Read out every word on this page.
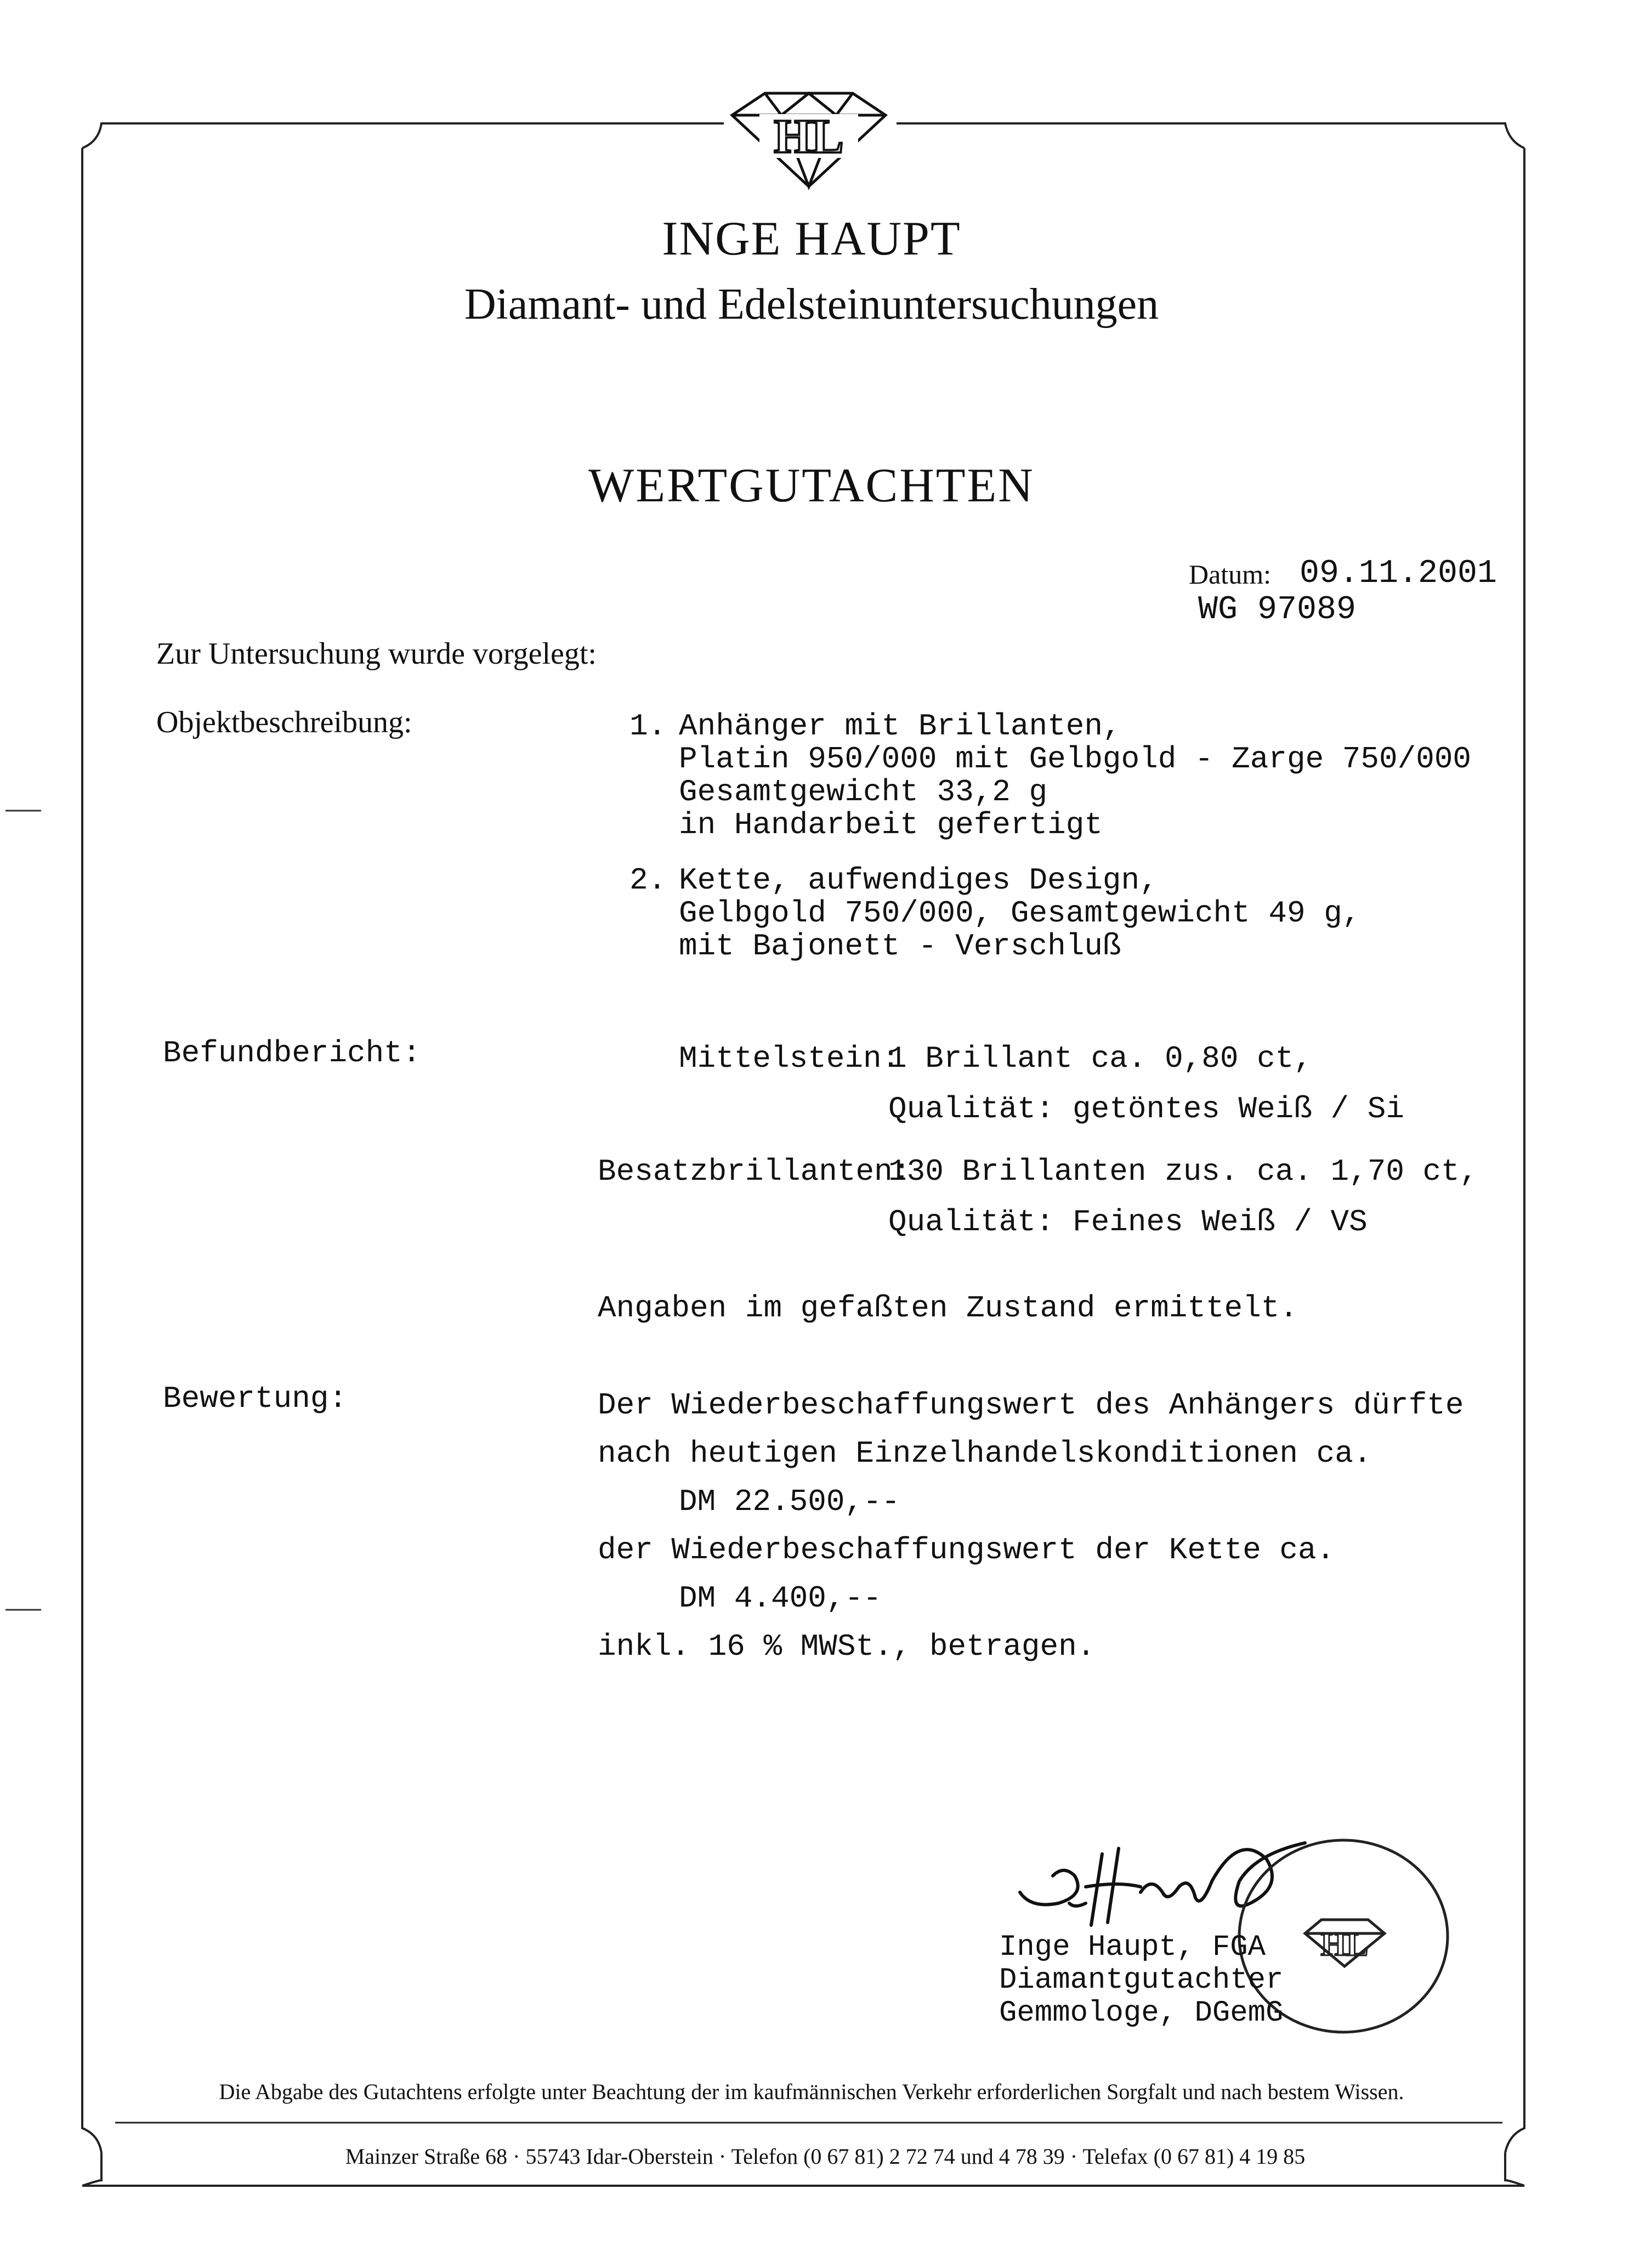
HL
INGE HAUPT
Diamant- und Edelsteinuntersuchungen
WERTGUTACHTEN
Datum: 09.11.2001
WG 97089
Zur Untersuchung wurde vorgelegt:
Objektbeschreibung:	1. Anhänger mit Brillanten,
Platin 950/000 mit Gelbgold - Zarge 750/000
Gesamtgewicht 33,2 g
in Handarbeit gefertigt
2. Kette, aufwendiges Design,
Gelbgold 750/000, Gesamtgewicht 49 g,
mit Bajonett - Verschluß
Befundbericht:	Mittelstein:
1 Brillant ca. 0,80 ct,
Qualität: getöntes Weiß / Si
Besatzbrillanten:
130 Brillanten zus. ca. 1,70 ct,
Qualität: Feines Weiß / VS
Angaben im gefaßten Zustand ermittelt.
Bewertung:	Der Wiederbeschaffungswert des Anhängers dürfte
nach heutigen Einzelhandelskonditionen ca.
DM 22.500,--
der Wiederbeschaffungswert der Kette ca.
DM 4.400,--
inkl. 16 % MWSt., betragen.
HL
Inge Haupt, FGA
Diamantgutachter
Gemmologe, DGemG
Die Abgabe des Gutachtens erfolgte unter Beachtung der im kaufmännischen Verkehr erforderlichen Sorgfalt und nach bestem Wissen.
Mainzer Straße 68 · 55743 Idar-Oberstein · Telefon (0 67 81) 2 72 74 und 4 78 39 · Telefax (0 67 81) 4 19 85
